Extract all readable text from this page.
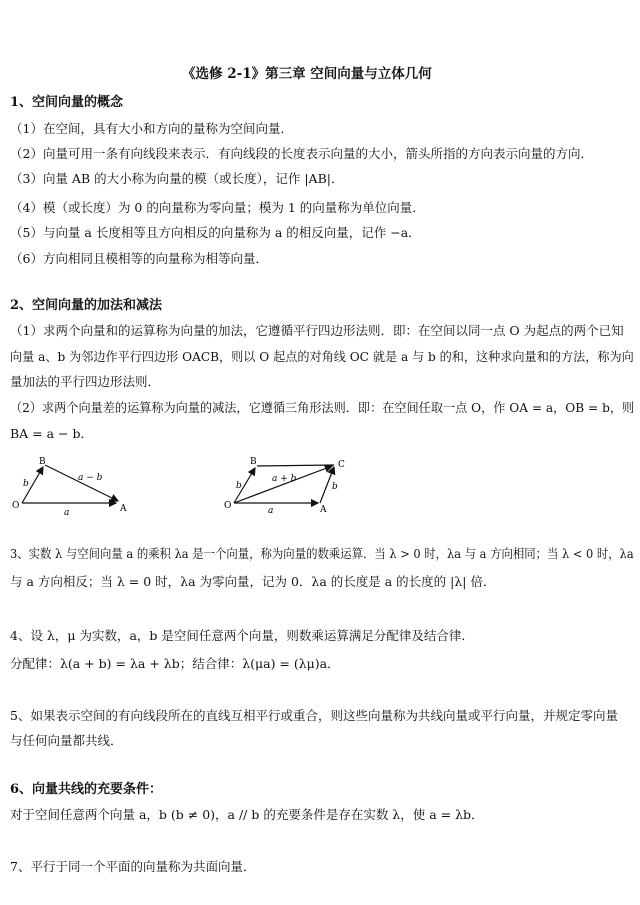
《选修 2-1》第三章 空间向量与立体几何
1、空间向量的概念
（1）在空间，具有大小和方向的量称为空间向量．
（2）向量可用一条有向线段来表示．有向线段的长度表示向量的大小，箭头所指的方向表示向量的方向．
（3）向量 AB 的大小称为向量的模（或长度），记作 |AB|．
（4）模（或长度）为 0 的向量称为零向量；模为 1 的向量称为单位向量．
（5）与向量 a 长度相等且方向相反的向量称为 a 的相反向量，记作 −a．
（6）方向相同且模相等的向量称为相等向量．
2、空间向量的加法和减法
（1）求两个向量和的运算称为向量的加法，它遵循平行四边形法则．即：在空间以同一点 O 为起点的两个已知
向量 a、b 为邻边作平行四边形 OACB，则以 O 起点的对角线 OC 就是 a 与 b 的和，这种求向量和的方法，称为向
量加法的平行四边形法则．
（2）求两个向量差的运算称为向量的减法，它遵循三角形法则．即：在空间任取一点 O，作 OA = a，OB = b，则
BA = a − b．
O	A
B
a
b
a − b
O	A
B	C
a
b	b
a + b
3、实数 λ 与空间向量 a 的乘积 λa 是一个向量，称为向量的数乘运算．当 λ > 0 时，λa 与 a 方向相同；当 λ < 0 时，λa
与 a 方向相反；当 λ = 0 时，λa 为零向量，记为 0．λa 的长度是 a 的长度的 |λ| 倍．
4、设 λ，μ 为实数，a，b 是空间任意两个向量，则数乘运算满足分配律及结合律．
分配律：λ(a + b) = λa + λb；结合律：λ(μa) = (λμ)a．
5、如果表示空间的有向线段所在的直线互相平行或重合，则这些向量称为共线向量或平行向量，并规定零向量
与任何向量都共线．
6、向量共线的充要条件：
对于空间任意两个向量 a，b (b ≠ 0)，a // b 的充要条件是存在实数 λ，使 a = λb．
7、平行于同一个平面的向量称为共面向量．
